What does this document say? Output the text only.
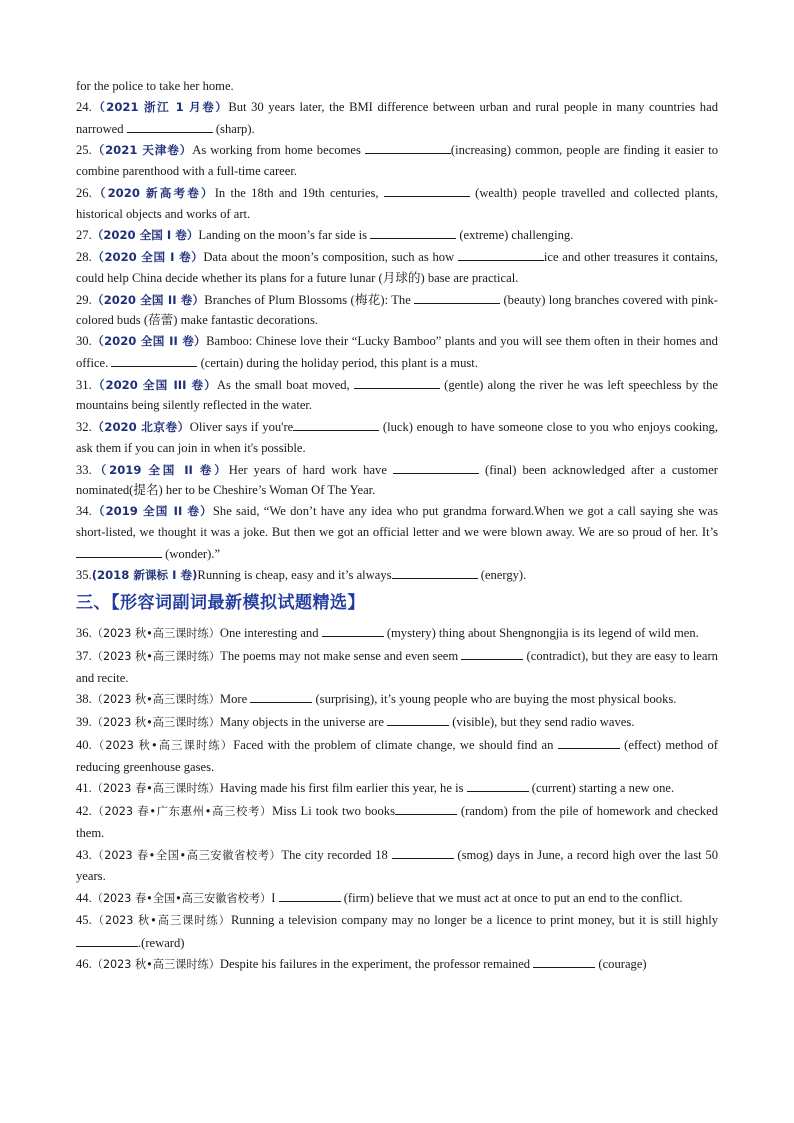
for the police to take her home.

24.（2021 浙江 1 月卷）But 30 years later, the BMI difference between urban and rural people in many countries had narrowed	(sharp).

25.（2021 天津卷）As working from home becomes	(increasing) common, people are finding it easier to combine parenthood with a full-time career.

26.（2020 新高考卷）In the 18th and 19th centuries,	(wealth) people travelled and collected plants, historical objects and works of art.

27.（2020 全国 I 卷）Landing on the moon’s far side is	(extreme) challenging.

28.（2020 全国 I 卷）Data about the moon’s composition, such as how	ice and other treasures it contains, could help China decide whether its plans for a future lunar (月球的) base are practical.

29.（2020 全国 II 卷）Branches of Plum Blossoms (梅花): The	(beauty) long branches covered with pink-colored buds (蓓蕾) make fantastic decorations.

30.（2020 全国 II 卷）Bamboo: Chinese love their “Lucky Bamboo” plants and you will see them often in their homes and office.	(certain) during the holiday period, this plant is a must.

31.（2020 全国 III 卷）As the small boat moved,	(gentle) along the river he was left speechless by the mountains being silently reflected in the water.

32.（2020 北京卷）Oliver says if you're	(luck) enough to have someone close to you who enjoys cooking, ask them if you can join in when it's possible.

33.（2019 全国 II 卷）Her years of hard work have	(final) been acknowledged after a customer nominated(提名) her to be Cheshire’s Woman Of The Year.

34.（2019 全国 II 卷）She said, “We don’t have any idea who put grandma forward.When we got a call saying she was short-listed, we thought it was a joke. But then we got an official letter and we were blown away. We are so proud of her. It’s  (wonder).”

35.(2018 新课标 I 卷)Running is cheap, easy and it’s always	(energy).

三、【形容词副词最新模拟试题精选】

36.（2023 秋•高三课时练）One interesting and	(mystery) thing about Shengnongjia is its legend of wild men.

37.（2023 秋•高三课时练）The poems may not make sense and even seem	(contradict), but they are easy to learn and recite.

38.（2023 秋•高三课时练）More	(surprising), it’s young people who are buying the most physical books.

39.（2023 秋•高三课时练）Many objects in the universe are	(visible), but they send radio waves.

40.（2023 秋•高三课时练）Faced with the problem of climate change, we should find an	(effect) method of reducing greenhouse gases.

41.（2023 春•高三课时练）Having made his first film earlier this year, he is	(current) starting a new one.

42.（2023 春•广东惠州•高三校考）Miss Li took two books	(random) from the pile of homework and checked them.

43.（2023 春•全国•高三安徽省校考）The city recorded 18	(smog) days in June, a record high over the last 50 years.

44.（2023 春•全国•高三安徽省校考）I	(firm) believe that we must act at once to put an end to the conflict.

45.（2023 秋•高三课时练）Running a television company may no longer be a licence to print money, but it is still highly.(reward)

46.（2023 秋•高三课时练）Despite his failures in the experiment, the professor remained	(courage)
